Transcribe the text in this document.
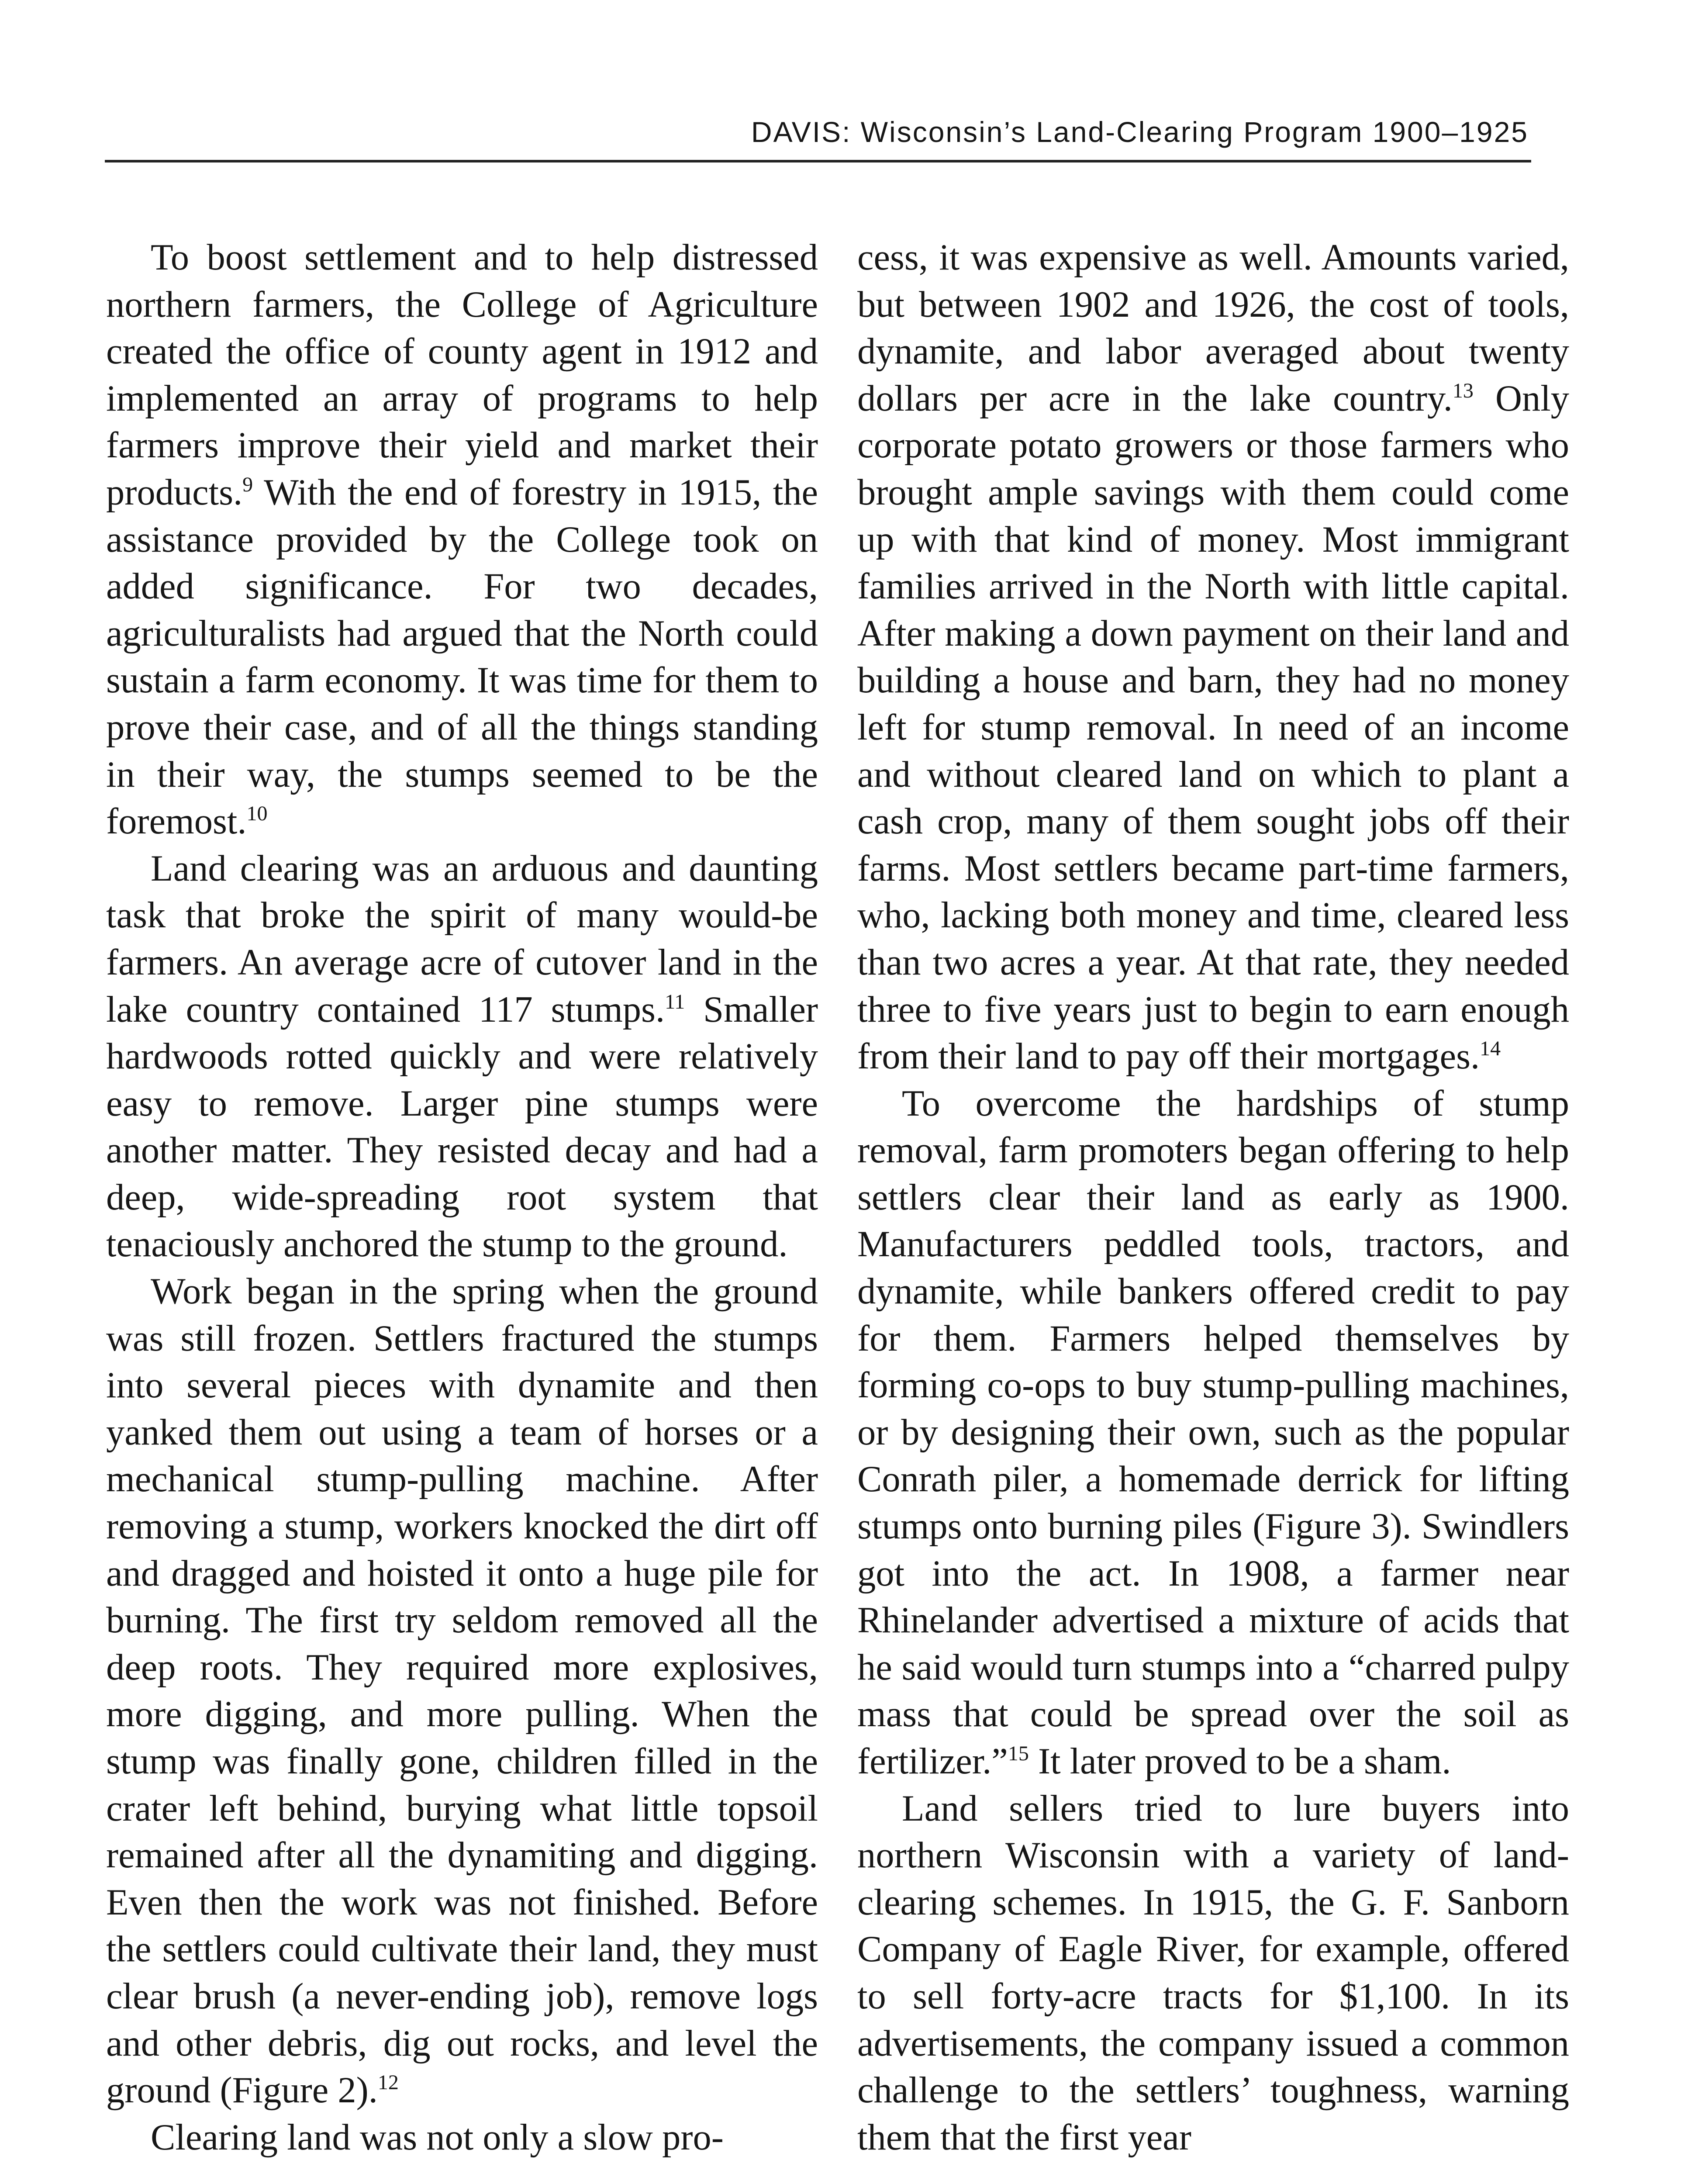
DAVIS: Wisconsin’s Land-Clearing Program 1900–1925

To boost settlement and to help distressed northern farmers, the College of Agriculture created the office of county agent in 1912 and implemented an array of programs to help farmers improve their yield and market their products.$^9$ With the end of forestry in 1915, the assistance provided by the College took on added significance. For two decades, agriculturalists had argued that the North could sustain a farm economy. It was time for them to prove their case, and of all the things standing in their way, the stumps seemed to be the foremost.$^{10}$

Land clearing was an arduous and daunting task that broke the spirit of many would-be farmers. An average acre of cutover land in the lake country contained 117 stumps.$^{11}$ Smaller hardwoods rotted quickly and were relatively easy to remove. Larger pine stumps were another matter. They resisted decay and had a deep, wide-spreading root system that tenaciously anchored the stump to the ground.

Work began in the spring when the ground was still frozen. Settlers fractured the stumps into several pieces with dynamite and then yanked them out using a team of horses or a mechanical stump-pulling machine. After removing a stump, workers knocked the dirt off and dragged and hoisted it onto a huge pile for burning. The first try seldom removed all the deep roots. They required more explosives, more digging, and more pulling. When the stump was finally gone, children filled in the crater left behind, burying what little topsoil remained after all the dynamiting and digging. Even then the work was not finished. Before the settlers could cultivate their land, they must clear brush (a never-ending job), remove logs and other debris, dig out rocks, and level the ground (Figure 2).$^{12}$

Clearing land was not only a slow pro-

cess, it was expensive as well. Amounts varied, but between 1902 and 1926, the cost of tools, dynamite, and labor averaged about twenty dollars per acre in the lake country.$^{13}$ Only corporate potato growers or those farmers who brought ample savings with them could come up with that kind of money. Most immigrant families arrived in the North with little capital. After making a down payment on their land and building a house and barn, they had no money left for stump removal. In need of an income and without cleared land on which to plant a cash crop, many of them sought jobs off their farms. Most settlers became part-time farmers, who, lacking both money and time, cleared less than two acres a year. At that rate, they needed three to five years just to begin to earn enough from their land to pay off their mortgages.$^{14}$

To overcome the hardships of stump removal, farm promoters began offering to help settlers clear their land as early as 1900. Manufacturers peddled tools, tractors, and dynamite, while bankers offered credit to pay for them. Farmers helped themselves by forming co-ops to buy stump-pulling machines, or by designing their own, such as the popular Conrath piler, a homemade derrick for lifting stumps onto burning piles (Figure 3). Swindlers got into the act. In 1908, a farmer near Rhinelander advertised a mixture of acids that he said would turn stumps into a “charred pulpy mass that could be spread over the soil as fertilizer.”$^{15}$ It later proved to be a sham.

Land sellers tried to lure buyers into northern Wisconsin with a variety of land-clearing schemes. In 1915, the G. F. Sanborn Company of Eagle River, for example, offered to sell forty-acre tracts for $1,100. In its advertisements, the company issued a common challenge to the settlers’ toughness, warning them that the first year
